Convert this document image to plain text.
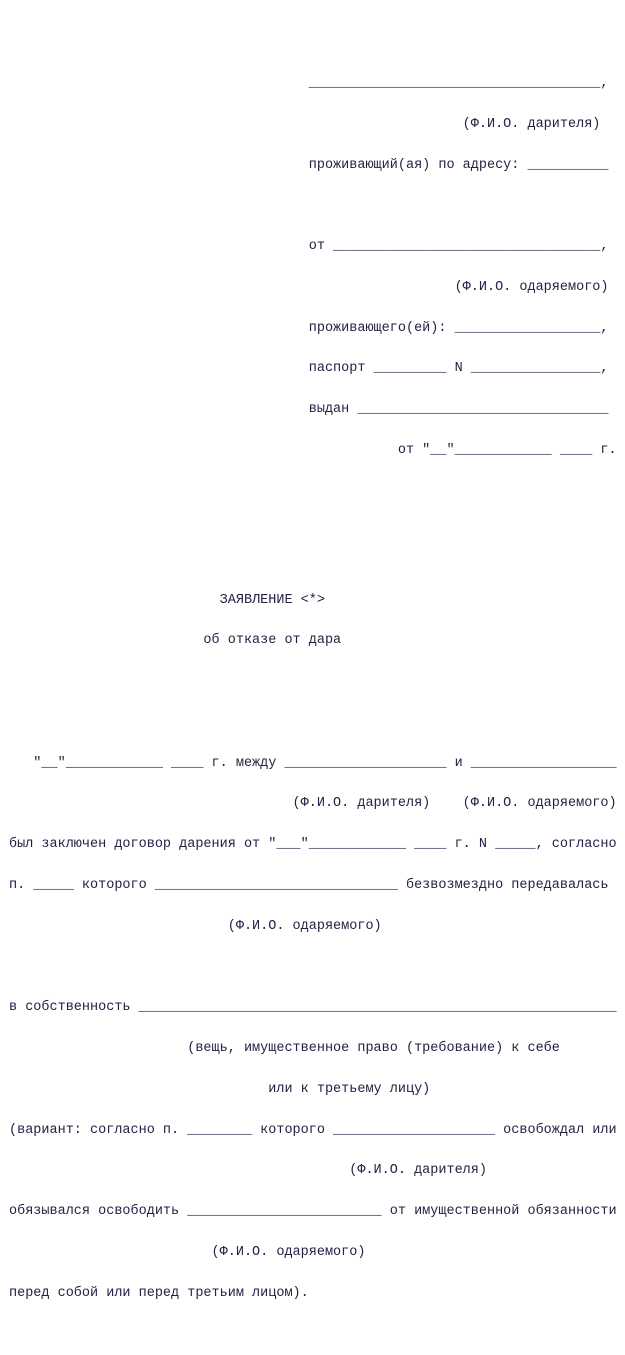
____________________________________,

(Ф.И.О. дарителя)

проживающий(ая) по адресу: __________

от _________________________________,

(Ф.И.О. одаряемого)

проживающего(ей): __________________,

паспорт _________ N ________________,

выдан _______________________________

от "__"____________ ____ г.

ЗАЯВЛЕНИЕ <*>

об отказе от дара

"__"____________ ____ г. между ____________________ и __________________

(Ф.И.О. дарителя)    (Ф.И.О. одаряемого)

был заключен договор дарения от "___"____________ ____ г. N _____, согласно

п. _____ которого ______________________________ безвозмездно передавалась

(Ф.И.О. одаряемого)

в собственность ___________________________________________________________

(вещь, имущественное право (требование) к себе

или к третьему лицу)

(вариант: согласно п. ________ которого ____________________ освобождал или

(Ф.И.О. дарителя)

обязывался освободить ________________________ от имущественной обязанности

(Ф.И.О. одаряемого)

перед собой или перед третьим лицом).
